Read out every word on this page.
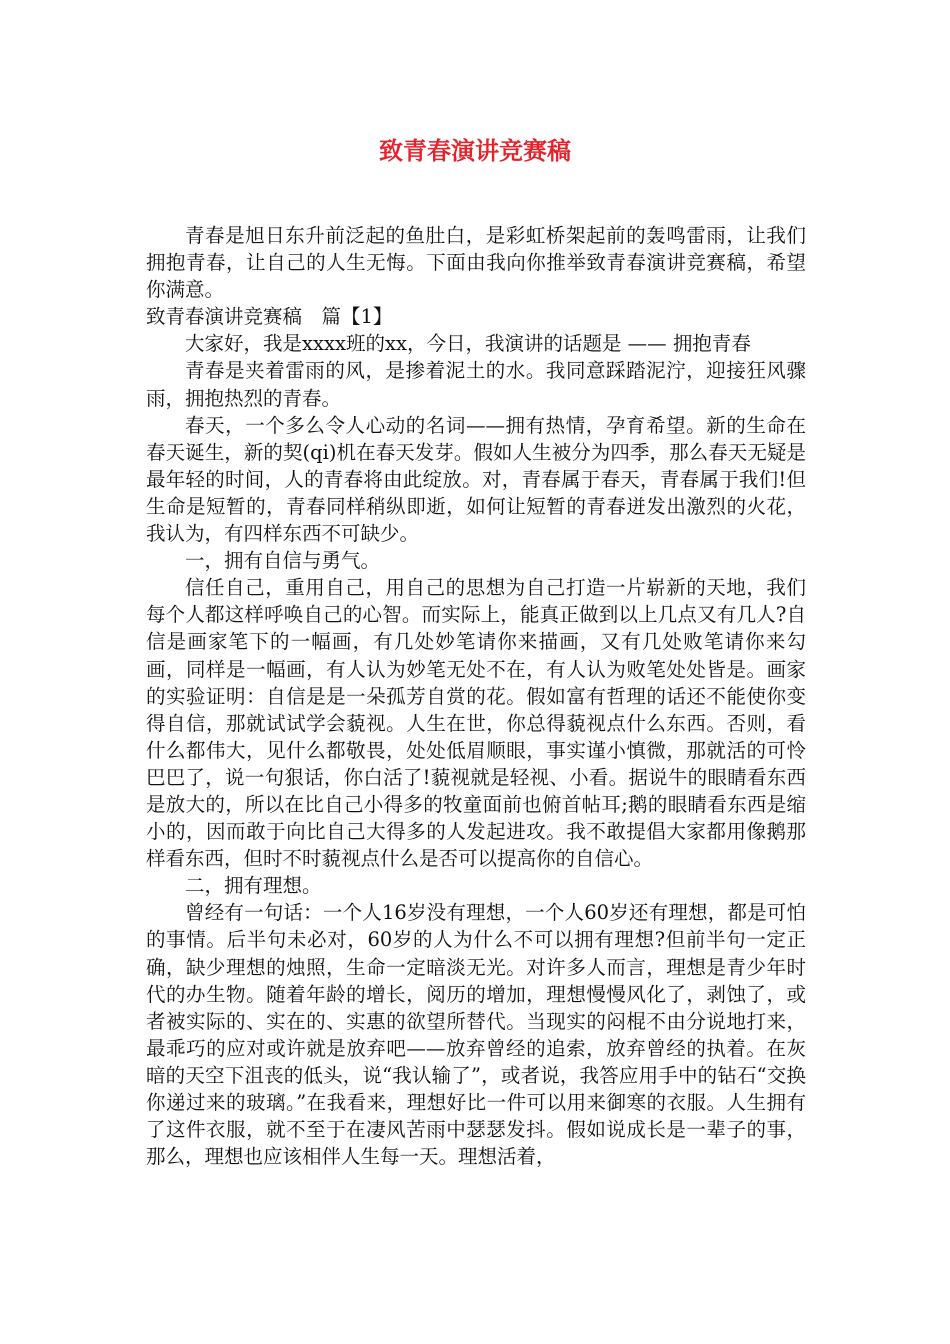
致青春演讲竞赛稿

青春是旭日东升前泛起的鱼肚白，是彩虹桥架起前的轰鸣雷雨，让我们拥抱青春，让自己的人生无悔。下面由我向你推举致青春演讲竞赛稿，希望你满意。

致青春演讲竞赛稿　篇【1】

大家好，我是xxxx班的xx，今日，我演讲的话题是 —— 拥抱青春

青春是夹着雷雨的风，是掺着泥土的水。我同意踩踏泥泞，迎接狂风骤雨，拥抱热烈的青春。

春天，一个多么令人心动的名词——拥有热情，孕育希望。新的生命在春天诞生，新的契(qi)机在春天发芽。假如人生被分为四季，那么春天无疑是最年轻的时间，人的青春将由此绽放。对，青春属于春天，青春属于我们!但生命是短暂的，青春同样稍纵即逝，如何让短暂的青春迸发出激烈的火花，我认为，有四样东西不可缺少。

一，拥有自信与勇气。

信任自己，重用自己，用自己的思想为自己打造一片崭新的天地，我们每个人都这样呼唤自己的心智。而实际上，能真正做到以上几点又有几人?自信是画家笔下的一幅画，有几处妙笔请你来描画，又有几处败笔请你来勾画，同样是一幅画，有人认为妙笔无处不在，有人认为败笔处处皆是。画家的实验证明：自信是是一朵孤芳自赏的花。假如富有哲理的话还不能使你变得自信，那就试试学会藐视。人生在世，你总得藐视点什么东西。否则，看什么都伟大，见什么都敬畏，处处低眉顺眼，事实谨小慎微，那就活的可怜巴巴了，说一句狠话，你白活了!藐视就是轻视、小看。据说牛的眼睛看东西是放大的，所以在比自己小得多的牧童面前也俯首帖耳;鹅的眼睛看东西是缩小的，因而敢于向比自己大得多的人发起进攻。我不敢提倡大家都用像鹅那样看东西，但时不时藐视点什么是否可以提高你的自信心。

二，拥有理想。

曾经有一句话：一个人16岁没有理想，一个人60岁还有理想，都是可怕的事情。后半句未必对，60岁的人为什么不可以拥有理想?但前半句一定正确，缺少理想的烛照，生命一定暗淡无光。对许多人而言，理想是青少年时代的办生物。随着年龄的增长，阅历的增加，理想慢慢风化了，剥蚀了，或者被实际的、实在的、实惠的欲望所替代。当现实的闷棍不由分说地打来，最乖巧的应对或许就是放弃吧——放弃曾经的追索，放弃曾经的执着。在灰暗的天空下沮丧的低头，说“我认输了”，或者说，我答应用手中的钻石“交换你递过来的玻璃。”在我看来，理想好比一件可以用来御寒的衣服。人生拥有了这件衣服，就不至于在凄风苦雨中瑟瑟发抖。假如说成长是一辈子的事，那么，理想也应该相伴人生每一天。理想活着，
